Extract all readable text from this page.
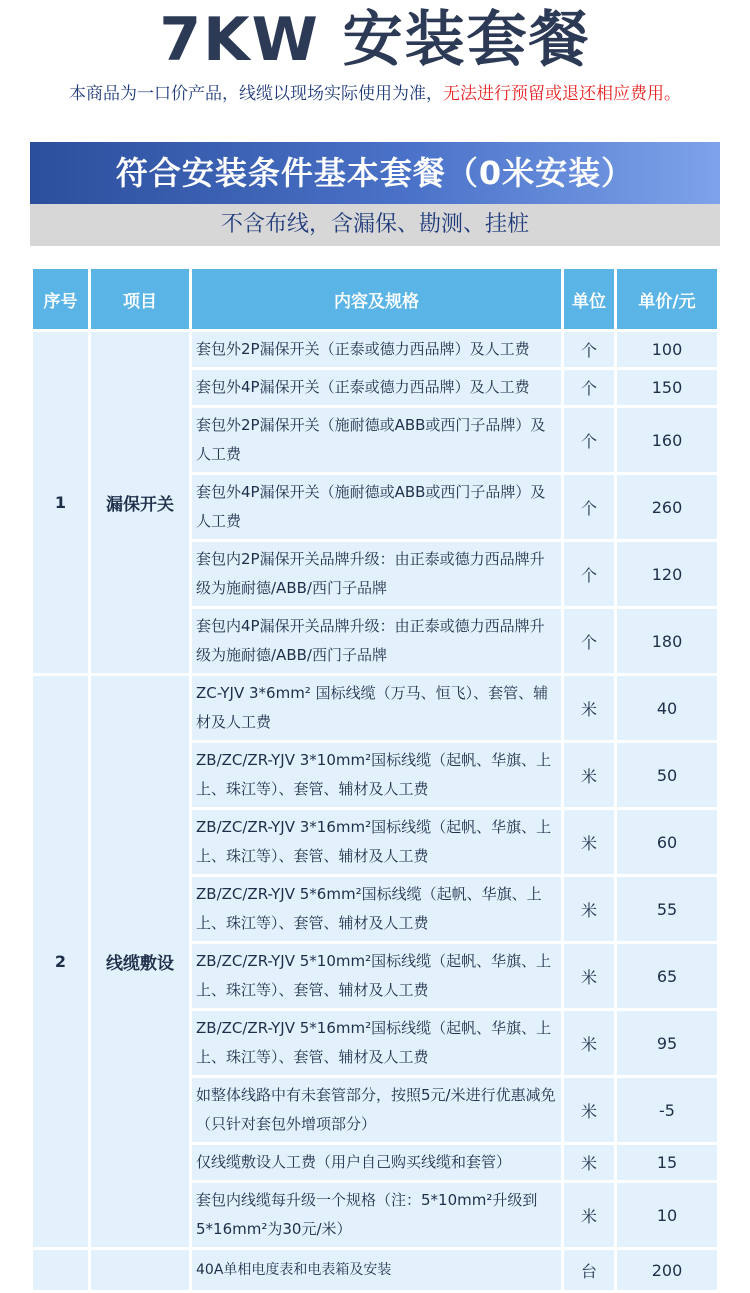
7KW 安装套餐
本商品为一口价产品，线缆以现场实际使用为准，无法进行预留或退还相应费用。
符合安装条件基本套餐（0米安装）
不含布线，含漏保、勘测、挂桩
序号	项目	内容及规格	单位	单价/元
1	漏保开关	套包外2P漏保开关（正泰或德力西品牌）及人工费	个	100
		套包外4P漏保开关（正泰或德力西品牌）及人工费	个	150
		套包外2P漏保开关（施耐德或ABB或西门子品牌）及人工费	个	160
		套包外4P漏保开关（施耐德或ABB或西门子品牌）及人工费	个	260
		套包内2P漏保开关品牌升级：由正泰或德力西品牌升级为施耐德/ABB/西门子品牌	个	120
		套包内4P漏保开关品牌升级：由正泰或德力西品牌升级为施耐德/ABB/西门子品牌	个	180
2	线缆敷设	ZC-YJV 3*6mm² 国标线缆（万马、恒飞）、套管、辅材及人工费	米	40
		ZB/ZC/ZR-YJV 3*10mm²国标线缆（起帆、华旗、上上、珠江等）、套管、辅材及人工费	米	50
		ZB/ZC/ZR-YJV 3*16mm²国标线缆（起帆、华旗、上上、珠江等）、套管、辅材及人工费	米	60
		ZB/ZC/ZR-YJV 5*6mm²国标线缆（起帆、华旗、上上、珠江等）、套管、辅材及人工费	米	55
		ZB/ZC/ZR-YJV 5*10mm²国标线缆（起帆、华旗、上上、珠江等）、套管、辅材及人工费	米	65
		ZB/ZC/ZR-YJV 5*16mm²国标线缆（起帆、华旗、上上、珠江等）、套管、辅材及人工费	米	95
		如整体线路中有未套管部分，按照5元/米进行优惠减免（只针对套包外增项部分）	米	-5
		仅线缆敷设人工费（用户自己购买线缆和套管）	米	15
		套包内线缆每升级一个规格（注：5*10mm²升级到5*16mm²为30元/米）	米	10
		40A单相电度表和电表箱及安装	台	200
